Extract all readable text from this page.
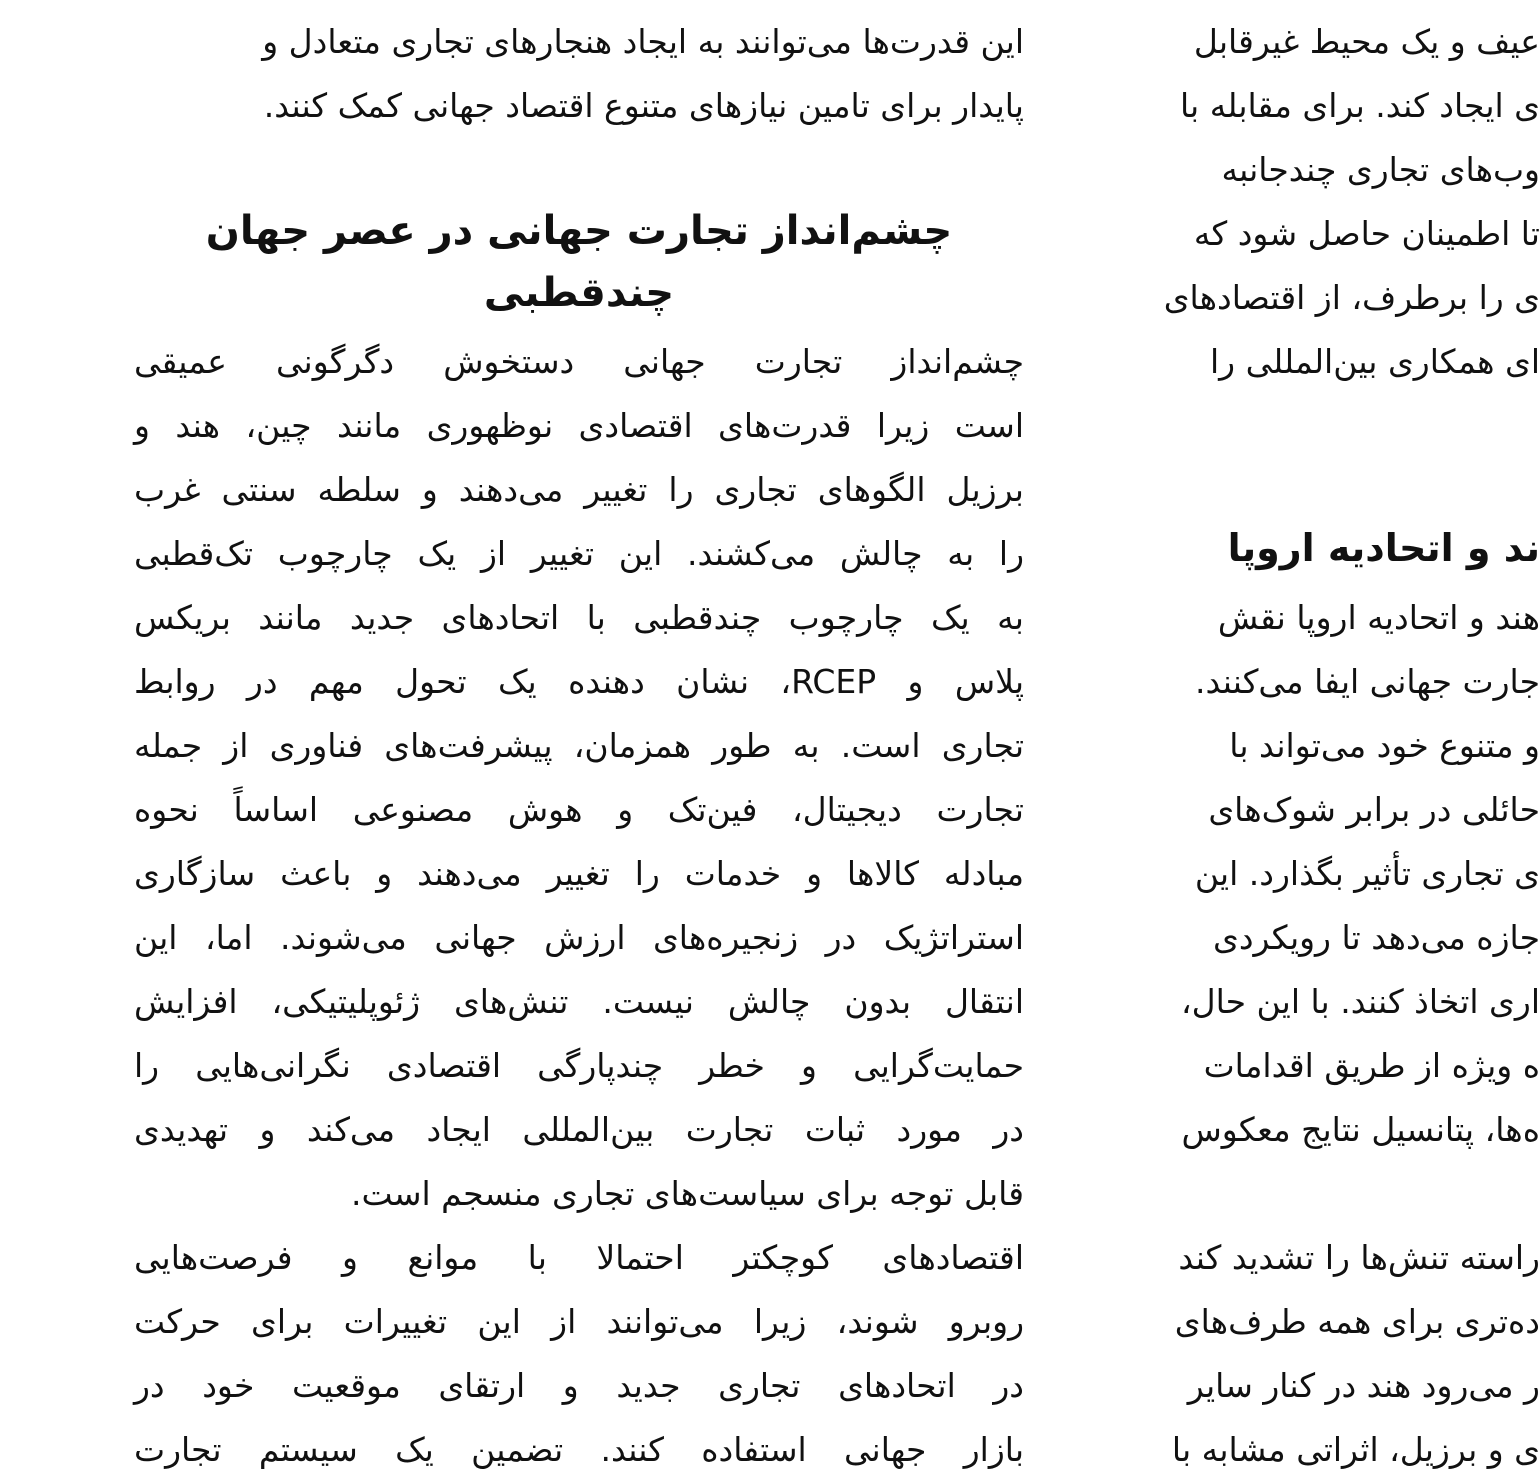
این قدرت‌ها می‌توانند به ایجاد هنجارهای تجاری متعادل و
پایدار برای تامین نیازهای متنوع اقتصاد جهانی کمک کنند.
چشم‌انداز تجارت جهانی در عصر جهان
چندقطبی
چشم‌انداز تجارت جهانی دستخوش دگرگونی عمیقی
است زیرا قدرت‌های اقتصادی نوظهوری مانند چین، هند و
برزیل الگوهای تجاری را تغییر می‌دهند و سلطه سنتی غرب
را به چالش می‌کشند. این تغییر از یک چارچوب تک‌قطبی
به یک چارچوب چندقطبی با اتحادهای جدید مانند بریکس
پلاس و RCEP، نشان دهنده یک تحول مهم در روابط
تجاری است. به طور همزمان، پیشرفت‌های فناوری از جمله
تجارت دیجیتال، فین‌تک و هوش مصنوعی اساساً نحوه
مبادله کالاها و خدمات را تغییر می‌دهند و باعث سازگاری
استراتژیک در زنجیره‌های ارزش جهانی می‌شوند. اما، این
انتقال بدون چالش نیست. تنش‌های ژئوپلیتیکی، افزایش
حمایت‌گرایی و خطر چندپارگی اقتصادی نگرانی‌هایی را
در مورد ثبات تجارت بین‌المللی ایجاد می‌کند و تهدیدی
قابل توجه برای سیاست‌های تجاری منسجم است.
اقتصادهای کوچکتر احتمالا با موانع و فرصت‌هایی
روبرو شوند، زیرا می‌توانند از این تغییرات برای حرکت
در اتحادهای تجاری جدید و ارتقای موقعیت خود در
بازار جهانی استفاده کنند. تضمین یک سیستم تجارت
عیف و یک محیط غیرقابل
ی ایجاد کند. برای مقابله با
وب‌های تجاری چندجانبه
تا اطمینان حاصل شود که
ی را برطرف، از اقتصادهای
ای همکاری بین‌المللی را
ند و اتحادیه اروپا
هند و اتحادیه اروپا نقش
جارت جهانی ایفا می‌کنند.
و متنوع خود می‌تواند با
حائلی در برابر شوک‌های
ی تجاری تأثیر بگذارد. این
جازه می‌دهد تا رویکردی
اری اتخاذ کنند. با این حال،
ه ویژه از طریق اقدامات
ه‌ها، پتانسیل نتایج معکوس
راسته تنش‌ها را تشدید کند
ده‌تری برای همه طرف‌های
ر می‌رود هند در کنار سایر
ی و برزیل، اثراتی مشابه با
